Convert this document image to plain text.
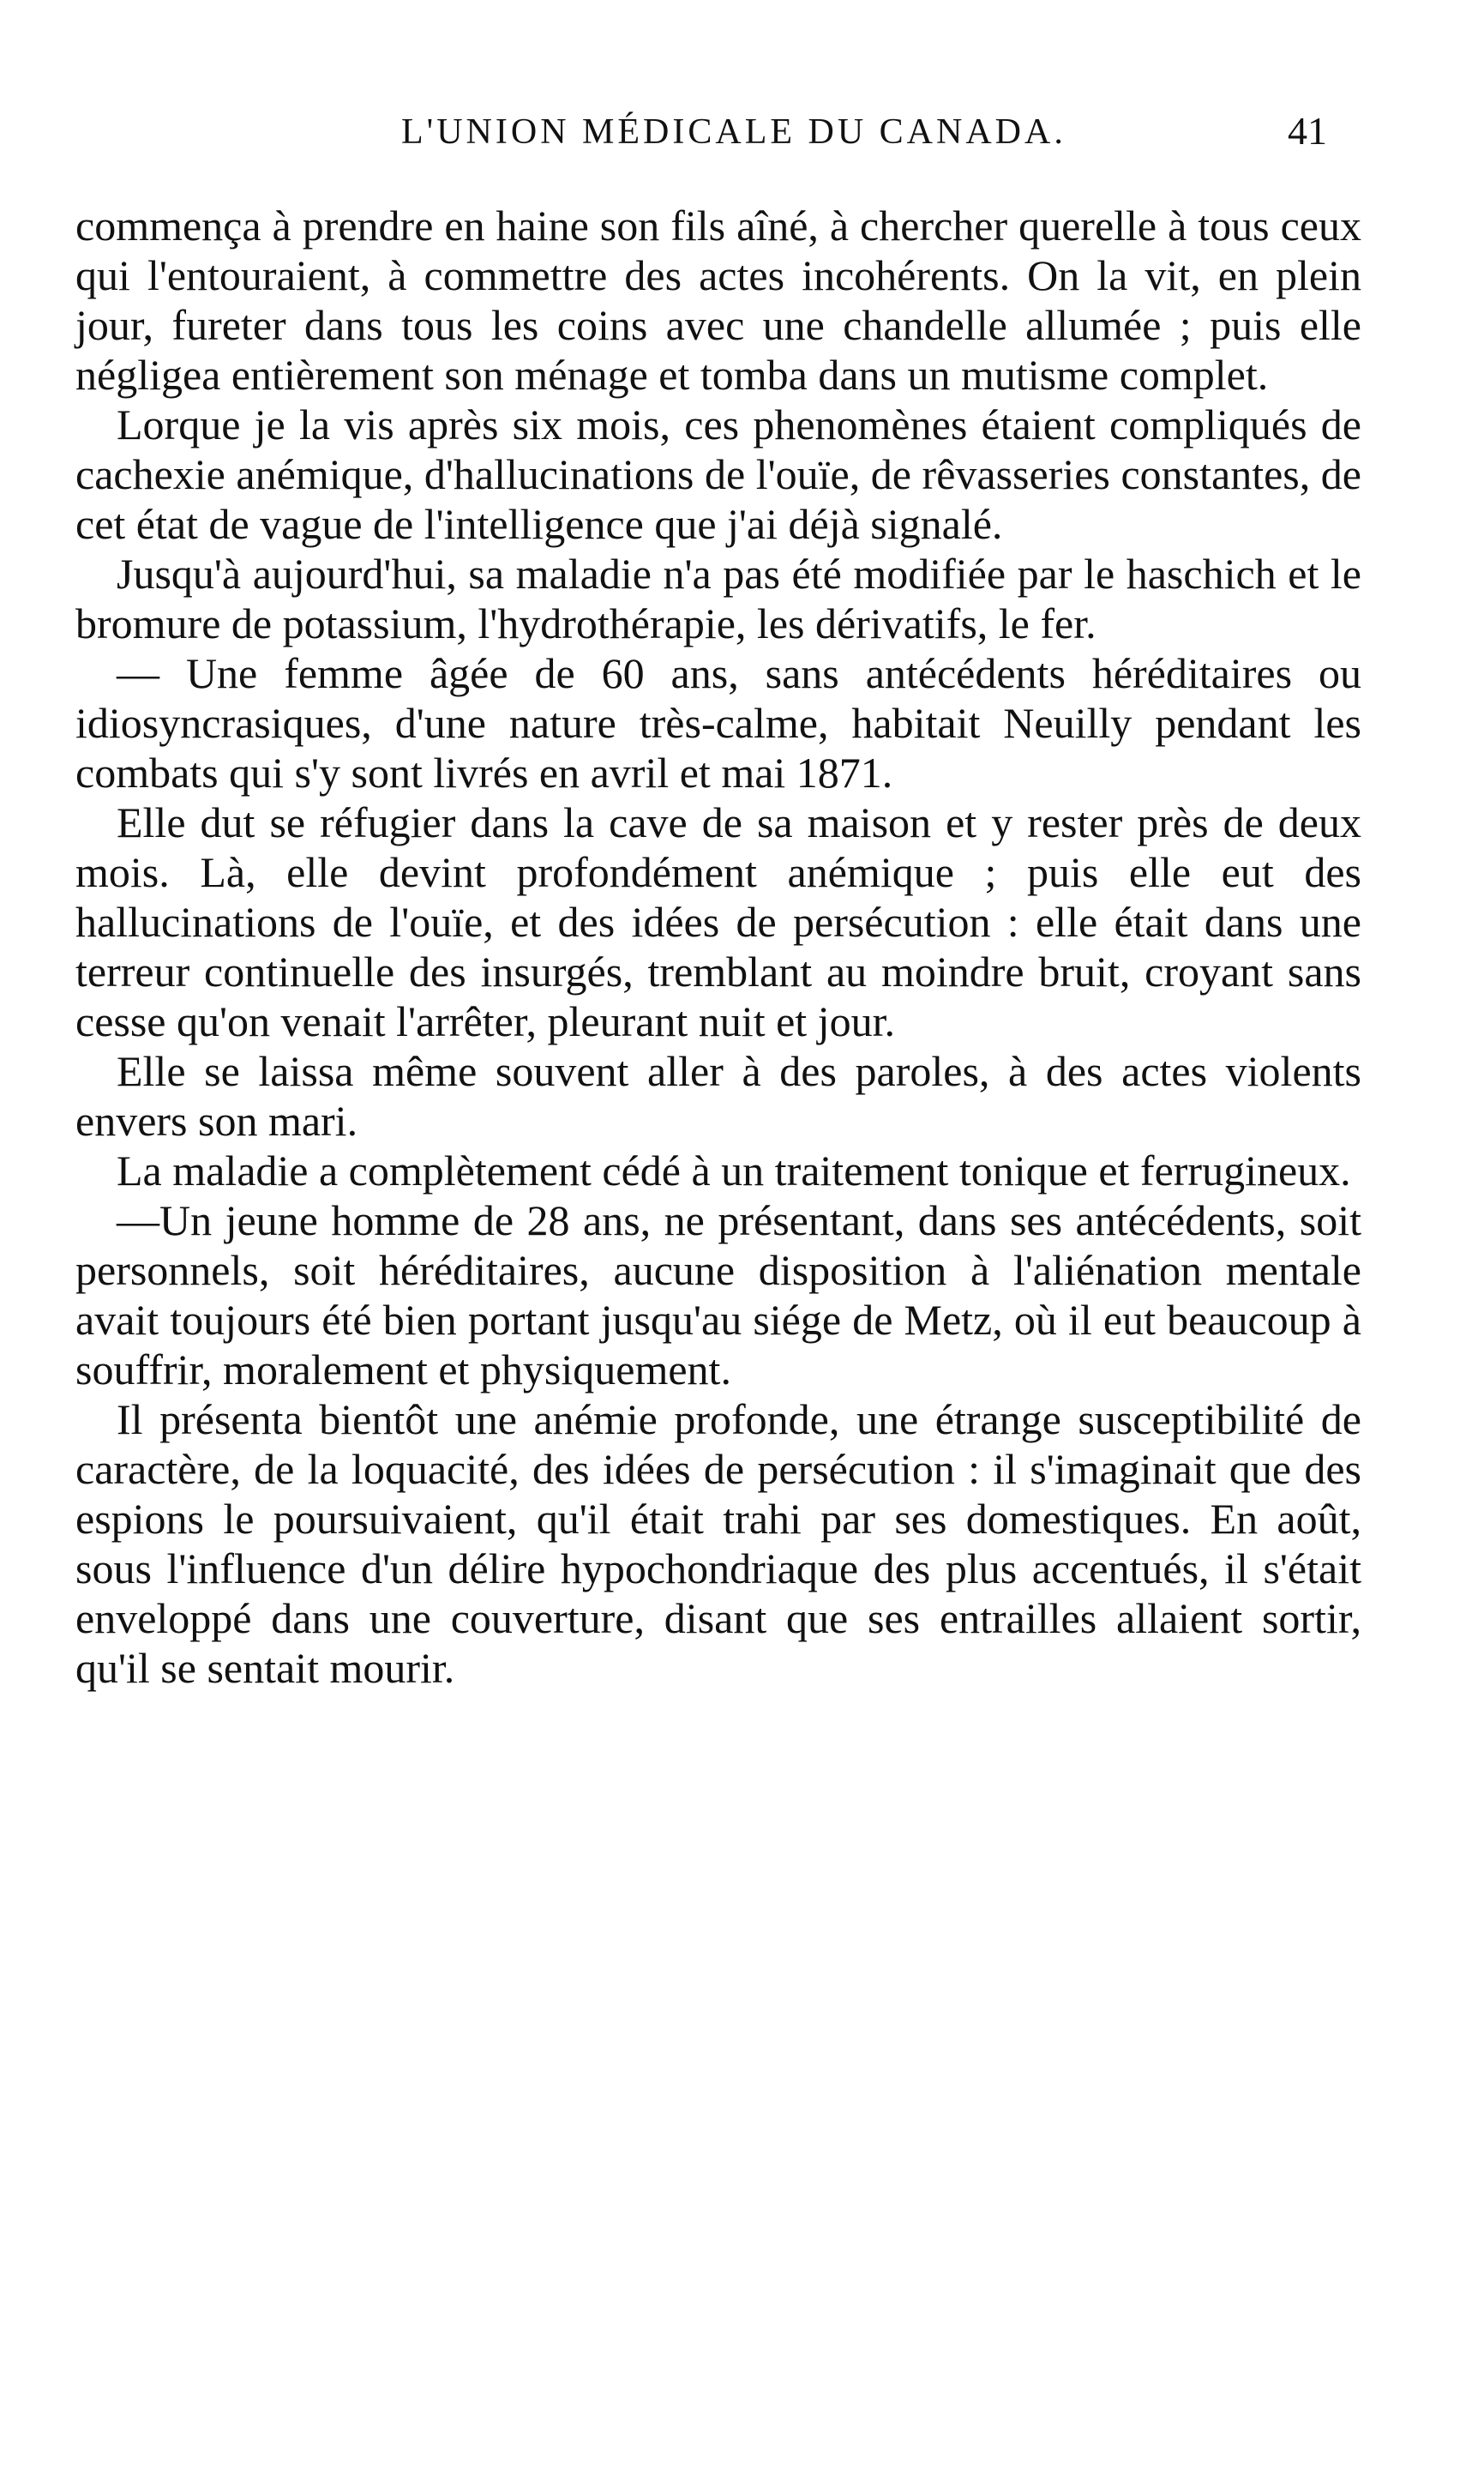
L'UNION MÉDICALE DU CANADA.	41

commença à prendre en haine son fils aîné, à chercher querelle à tous ceux qui l'entouraient, à commettre des actes incohérents. On la vit, en plein jour, fureter dans tous les coins avec une chandelle allumée ; puis elle négligea entièrement son ménage et tomba dans un mutisme complet.

Lorque je la vis après six mois, ces phenomènes étaient compliqués de cachexie anémique, d'hallucinations de l'ouïe, de rêvasseries constantes, de cet état de vague de l'intelligence que j'ai déjà signalé.

Jusqu'à aujourd'hui, sa maladie n'a pas été modifiée par le haschich et le bromure de potassium, l'hydrothérapie, les dérivatifs, le fer.

— Une femme âgée de 60 ans, sans antécédents héréditaires ou idiosyncrasiques, d'une nature très-calme, habitait Neuilly pendant les combats qui s'y sont livrés en avril et mai 1871.

Elle dut se réfugier dans la cave de sa maison et y rester près de deux mois. Là, elle devint profondément anémique ; puis elle eut des hallucinations de l'ouïe, et des idées de persécution : elle était dans une terreur continuelle des insurgés, tremblant au moindre bruit, croyant sans cesse qu'on venait l'arrêter, pleurant nuit et jour.

Elle se laissa même souvent aller à des paroles, à des actes violents envers son mari.

La maladie a complètement cédé à un traitement tonique et ferrugineux.

—Un jeune homme de 28 ans, ne présentant, dans ses antécédents, soit personnels, soit héréditaires, aucune disposition à l'aliénation mentale avait toujours été bien portant jusqu'au siége de Metz, où il eut beaucoup à souffrir, moralement et physiquement.

Il présenta bientôt une anémie profonde, une étrange susceptibilité de caractère, de la loquacité, des idées de persécution : il s'imaginait que des espions le poursuivaient, qu'il était trahi par ses domestiques. En août, sous l'influence d'un délire hypochondriaque des plus accentués, il s'était enveloppé dans une couverture, disant que ses entrailles allaient sortir, qu'il se sentait mourir.
